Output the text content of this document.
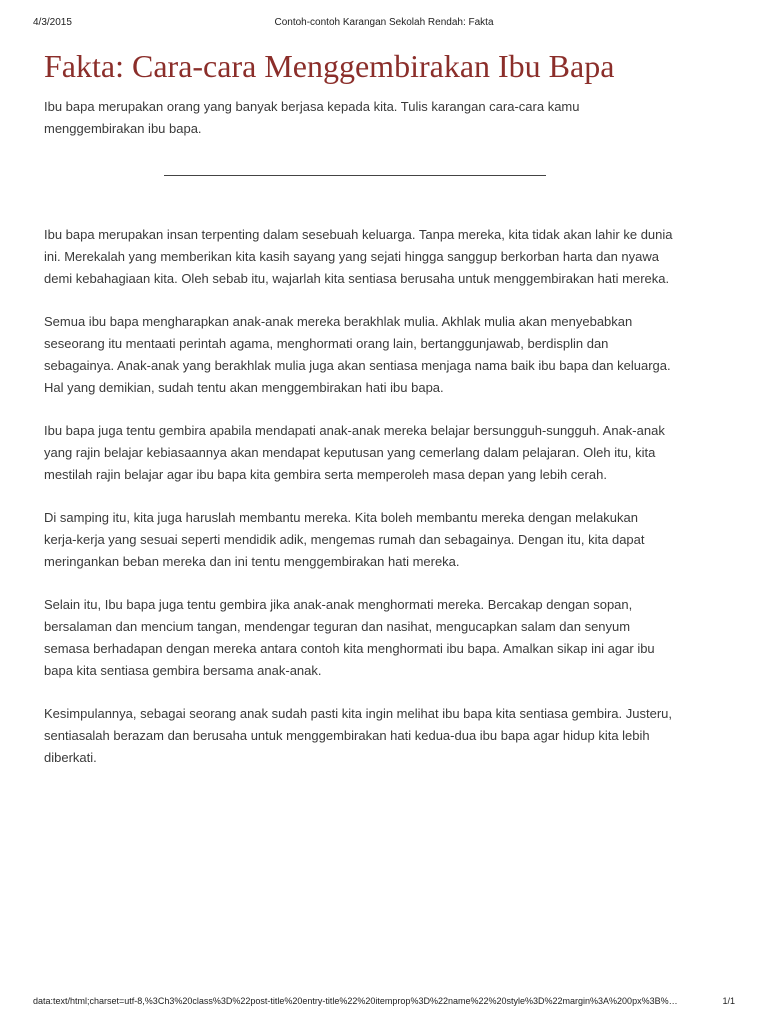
4/3/2015	Contoh-contoh Karangan Sekolah Rendah: Fakta
Fakta: Cara-cara Menggembirakan Ibu Bapa

Ibu bapa merupakan orang yang banyak berjasa kepada kita. Tulis karangan cara-cara kamu menggembirakan ibu bapa.

Ibu bapa merupakan insan terpenting dalam sesebuah keluarga. Tanpa mereka, kita tidak akan lahir ke dunia ini. Merekalah yang memberikan kita kasih sayang yang sejati hingga sanggup berkorban harta dan nyawa demi kebahagiaan kita. Oleh sebab itu, wajarlah kita sentiasa berusaha untuk menggembirakan hati mereka.

Semua ibu bapa mengharapkan anak-anak mereka berakhlak mulia. Akhlak mulia akan menyebabkan seseorang itu mentaati perintah agama, menghormati orang lain, bertanggunjawab, berdisplin dan sebagainya. Anak-anak yang berakhlak mulia juga akan sentiasa menjaga nama baik ibu bapa dan keluarga. Hal yang demikian, sudah tentu akan menggembirakan hati ibu bapa.

Ibu bapa juga tentu gembira apabila mendapati anak-anak mereka belajar bersungguh-sungguh. Anak-anak yang rajin belajar kebiasaannya akan mendapat keputusan yang cemerlang dalam pelajaran. Oleh itu, kita mestilah rajin belajar agar ibu bapa kita gembira serta memperoleh masa depan yang lebih cerah.

Di samping itu, kita juga haruslah membantu mereka. Kita boleh membantu mereka dengan melakukan kerja-kerja yang sesuai seperti mendidik adik, mengemas rumah dan sebagainya. Dengan itu, kita dapat meringankan beban mereka dan ini tentu menggembirakan hati mereka.

Selain itu, Ibu bapa juga tentu gembira jika anak-anak menghormati mereka. Bercakap dengan sopan, bersalaman dan mencium tangan, mendengar teguran dan nasihat, mengucapkan salam dan senyum semasa berhadapan dengan mereka antara contoh kita menghormati ibu bapa. Amalkan sikap ini agar ibu bapa kita sentiasa gembira bersama anak-anak.

Kesimpulannya, sebagai seorang anak sudah pasti kita ingin melihat ibu bapa kita sentiasa gembira. Justeru, sentiasalah berazam dan berusaha untuk menggembirakan hati kedua-dua ibu bapa agar hidup kita lebih diberkati.

data:text/html;charset=utf-8,%3Ch3%20class%3D%22post-title%20entry-title%22%20itemprop%3D%22name%22%20style%3D%22margin%3A%200px%3B%…	1/1
